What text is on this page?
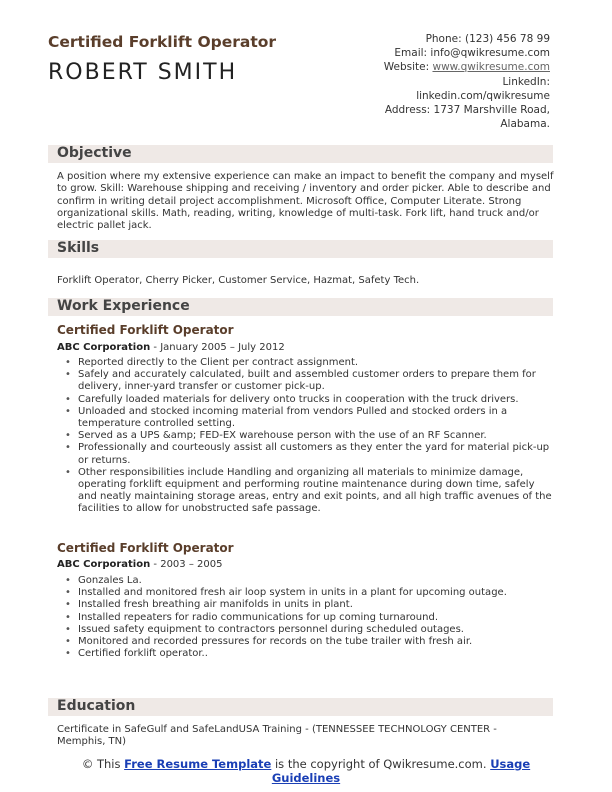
Certified Forklift Operator
ROBERT SMITH
Phone: (123) 456 78 99
Email: info@qwikresume.com
Website: www.qwikresume.com
LinkedIn:
linkedin.com/qwikresume
Address: 1737 Marshville Road,
Alabama.
Objective
A position where my extensive experience can make an impact to benefit the company and myself to grow. Skill: Warehouse shipping and receiving / inventory and order picker. Able to describe and confirm in writing detail project accomplishment. Microsoft Office, Computer Literate. Strong organizational skills. Math, reading, writing, knowledge of multi-task. Fork lift, hand truck and/or electric pallet jack.
Skills
Forklift Operator, Cherry Picker, Customer Service, Hazmat, Safety Tech.
Work Experience
Certified Forklift Operator
ABC Corporation - January 2005 – July 2012
• Reported directly to the Client per contract assignment.
• Safely and accurately calculated, built and assembled customer orders to prepare them for delivery, inner-yard transfer or customer pick-up.
• Carefully loaded materials for delivery onto trucks in cooperation with the truck drivers.
• Unloaded and stocked incoming material from vendors Pulled and stocked orders in a temperature controlled setting.
• Served as a UPS &amp; FED-EX warehouse person with the use of an RF Scanner.
• Professionally and courteously assist all customers as they enter the yard for material pick-up or returns.
• Other responsibilities include Handling and organizing all materials to minimize damage, operating forklift equipment and performing routine maintenance during down time, safely and neatly maintaining storage areas, entry and exit points, and all high traffic avenues of the facilities to allow for unobstructed safe passage.
Certified Forklift Operator
ABC Corporation - 2003 – 2005
• Gonzales La.
• Installed and monitored fresh air loop system in units in a plant for upcoming outage.
• Installed fresh breathing air manifolds in units in plant.
• Installed repeaters for radio communications for up coming turnaround.
• Issued safety equipment to contractors personnel during scheduled outages.
• Monitored and recorded pressures for records on the tube trailer with fresh air.
• Certified forklift operator..
Education
Certificate in SafeGulf and SafeLandUSA Training - (TENNESSEE TECHNOLOGY CENTER - Memphis, TN)
© This Free Resume Template is the copyright of Qwikresume.com. Usage Guidelines
